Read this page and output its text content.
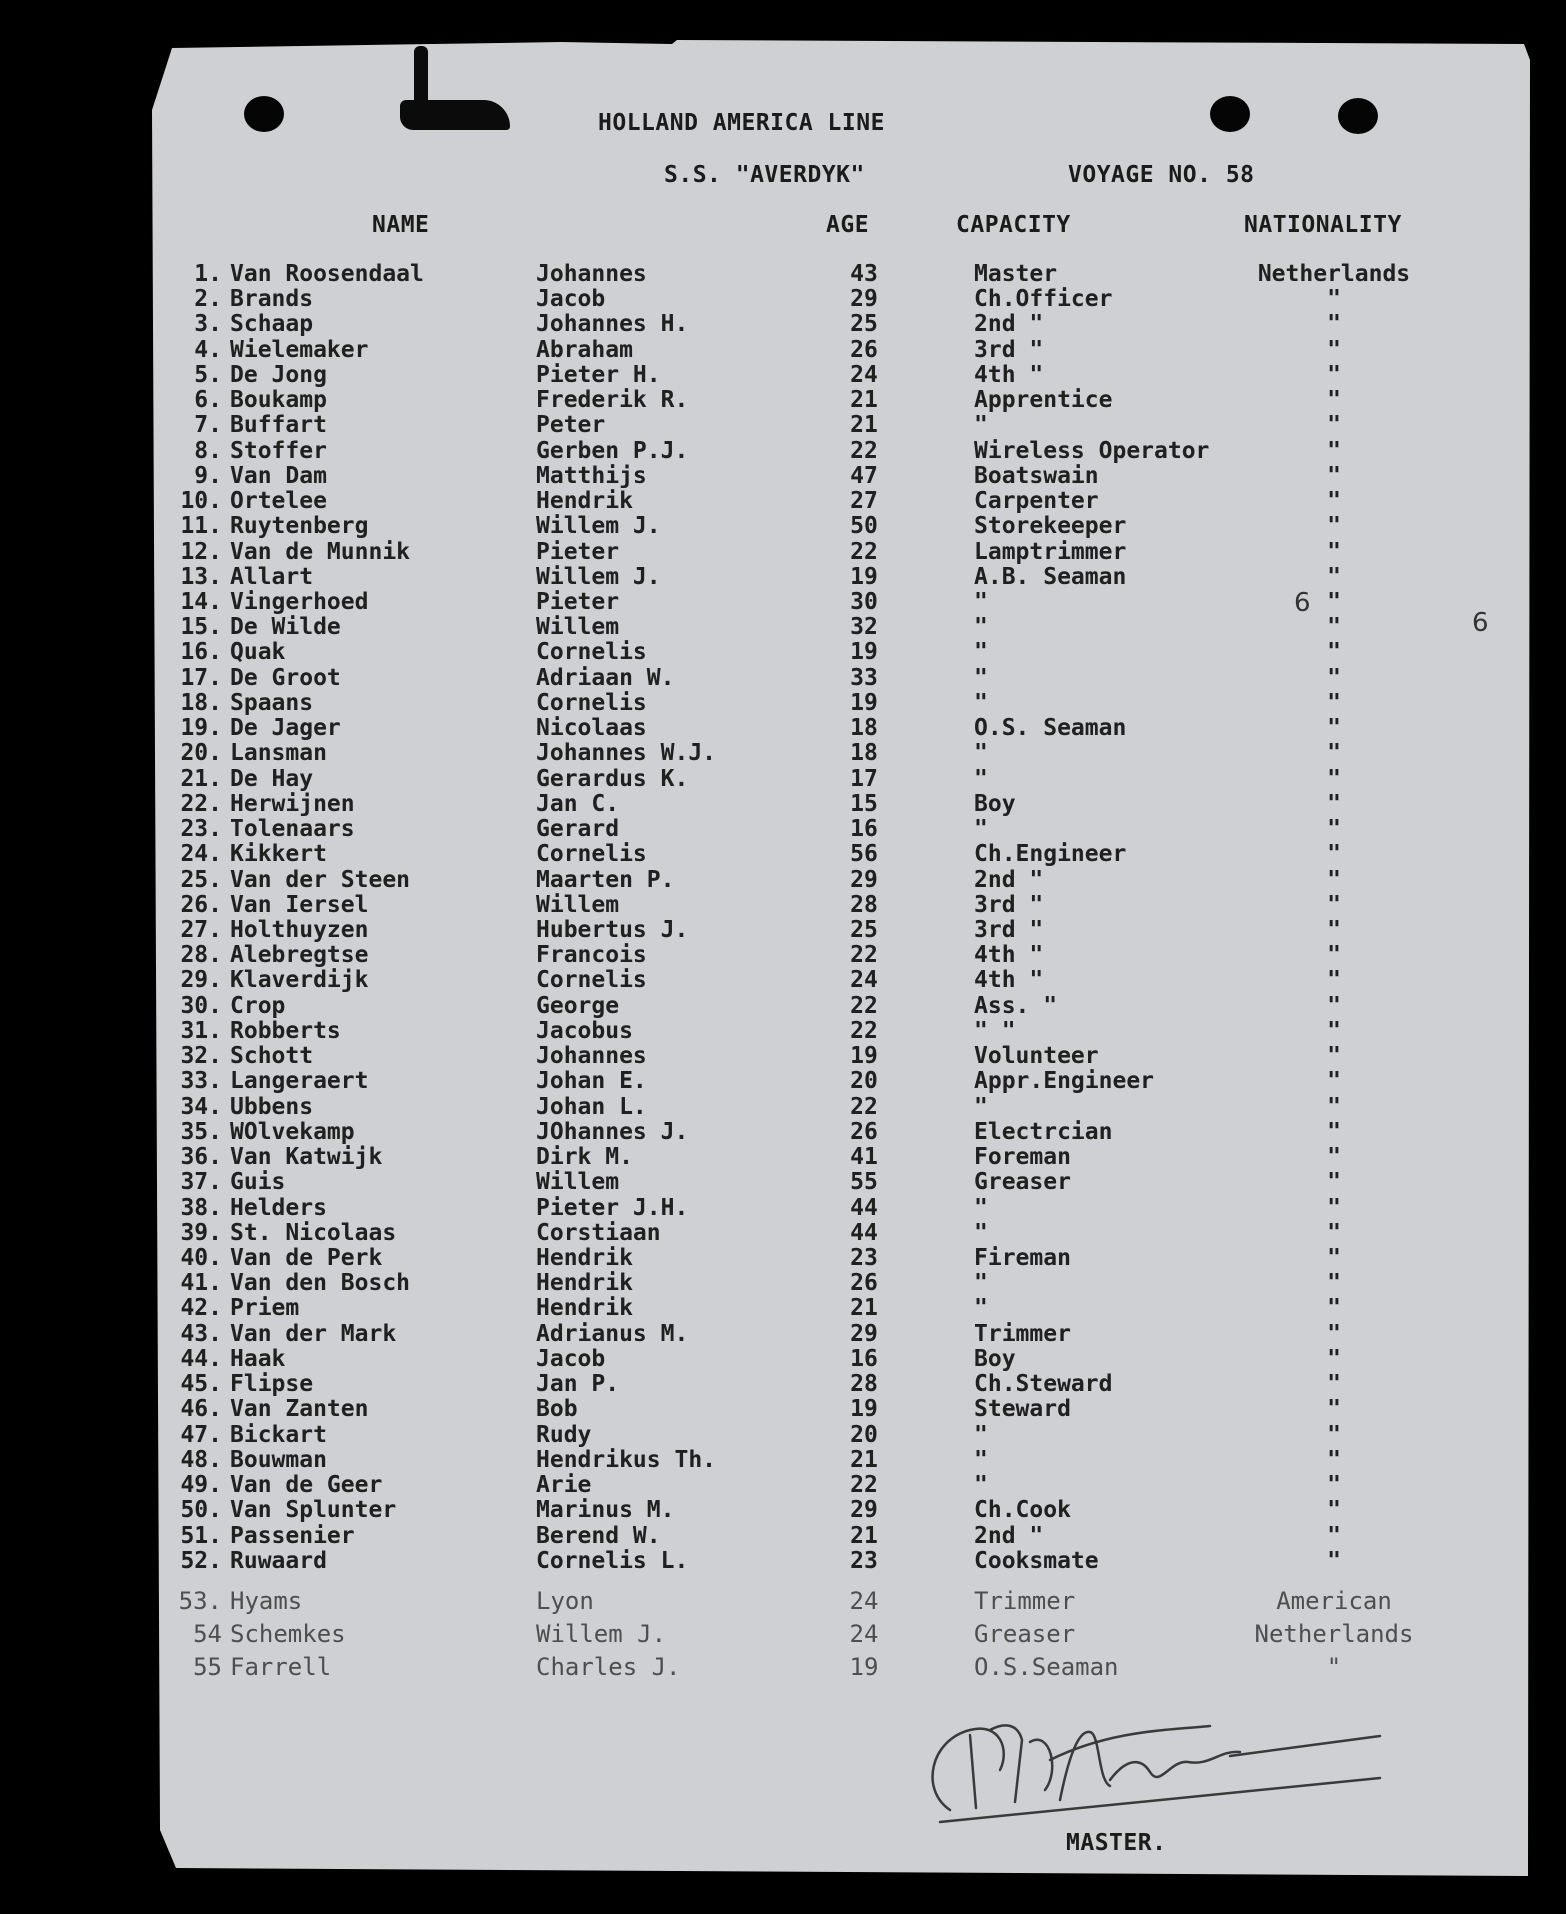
HOLLAND AMERICA LINE
S.S. "AVERDYK"	VOYAGE NO. 58
NAME	AGE	CAPACITY	NATIONALITY
1. Van Roosendaal	Johannes	43	Master	Netherlands
2. Brands	Jacob	29	Ch.Officer	"
3. Schaap	Johannes H.	25	2nd "	"
4. Wielemaker	Abraham	26	3rd "	"
5. De Jong	Pieter H.	24	4th "	"
6. Boukamp	Frederik R.	21	Apprentice	"
7. Buffart	Peter	21	"	"
8. Stoffer	Gerben P.J.	22	Wireless Operator	"
9. Van Dam	Matthijs	47	Boatswain	"
10. Ortelee	Hendrik	27	Carpenter	"
11. Ruytenberg	Willem J.	50	Storekeeper	"
12. Van de Munnik	Pieter	22	Lamptrimmer	"
13. Allart	Willem J.	19	A.B. Seaman	"
14. Vingerhoed	Pieter	30	"	"
15. De Wilde	Willem	32	"	"
16. Quak	Cornelis	19	"	"
17. De Groot	Adriaan W.	33	"	"
18. Spaans	Cornelis	19	"	"
19. De Jager	Nicolaas	18	O.S. Seaman	"
20. Lansman	Johannes W.J.	18	"	"
21. De Hay	Gerardus K.	17	"	"
22. Herwijnen	Jan C.	15	Boy	"
23. Tolenaars	Gerard	16	"	"
24. Kikkert	Cornelis	56	Ch.Engineer	"
25. Van der Steen	Maarten P.	29	2nd "	"
26. Van Iersel	Willem	28	3rd "	"
27. Holthuyzen	Hubertus J.	25	3rd "	"
28. Alebregtse	Francois	22	4th "	"
29. Klaverdijk	Cornelis	24	4th "	"
30. Crop	George	22	Ass. "	"
31. Robberts	Jacobus	22	" "	"
32. Schott	Johannes	19	Volunteer	"
33. Langeraert	Johan E.	20	Appr.Engineer	"
34. Ubbens	Johan L.	22	"	"
35. WOlvekamp	JOhannes J.	26	Electrcian	"
36. Van Katwijk	Dirk M.	41	Foreman	"
37. Guis	Willem	55	Greaser	"
38. Helders	Pieter J.H.	44	"	"
39. St. Nicolaas	Corstiaan	44	"	"
40. Van de Perk	Hendrik	23	Fireman	"
41. Van den Bosch	Hendrik	26	"	"
42. Priem	Hendrik	21	"	"
43. Van der Mark	Adrianus M.	29	Trimmer	"
44. Haak	Jacob	16	Boy	"
45. Flipse	Jan P.	28	Ch.Steward	"
46. Van Zanten	Bob	19	Steward	"
47. Bickart	Rudy	20	"	"
48. Bouwman	Hendrikus Th.	21	"	"
49. Van de Geer	Arie	22	"	"
50. Van Splunter	Marinus M.	29	Ch.Cook	"
51. Passenier	Berend W.	21	2nd "	"
52. Ruwaard	Cornelis L.	23	Cooksmate	"
53. Hyams	Lyon	24	Trimmer	American
54 Schemkes	Willem J.	24	Greaser	Netherlands
55 Farrell	Charles J.	19	O.S.Seaman	"
6
6
MASTER.
